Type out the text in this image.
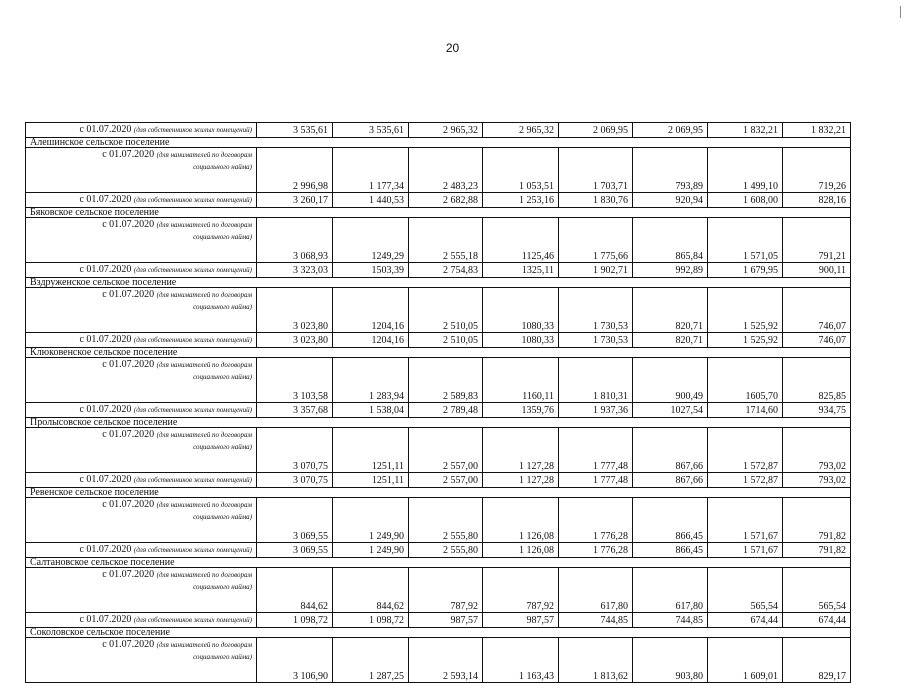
20
с 01.07.2020 (для собственников жилых помещений)	3 535,61	3 535,61	2 965,32	2 965,32	2 069,95	2 069,95	1 832,21	1 832,21
Алешинское сельское поселение								
с 01.07.2020 (для нанимателей по договорам
социального найма)	2 996,98	1 177,34	2 483,23	1 053,51	1 703,71	793,89	1 499,10	719,26
с 01.07.2020 (для собственников жилых помещений)	3 260,17	1 440,53	2 682,88	1 253,16	1 830,76	920,94	1 608,00	828,16
Бяковское сельское поселение								
с 01.07.2020 (для нанимателей по договорам
социального найма)	3 068,93	1249,29	2 555,18	1125,46	1 775,66	865,84	1 571,05	791,21
с 01.07.2020 (для собственников жилых помещений)	3 323,03	1503,39	2 754,83	1325,11	1 902,71	992,89	1 679,95	900,11
Вздруженское сельское поселение								
с 01.07.2020 (для нанимателей по договорам
социального найма)	3 023,80	1204,16	2 510,05	1080,33	1 730,53	820,71	1 525,92	746,07
с 01.07.2020 (для собственников жилых помещений)	3 023,80	1204,16	2 510,05	1080,33	1 730,53	820,71	1 525,92	746,07
Клюковенское сельское поселение								
с 01.07.2020 (для нанимателей по договорам
социального найма)	3 103,58	1 283,94	2 589,83	1160,11	1 810,31	900,49	1605,70	825,85
с 01.07.2020 (для собственников жилых помещений)	3 357,68	1 538,04	2 789,48	1359,76	1 937,36	1027,54	1714,60	934,75
Пролысовское сельское поселение								
с 01.07.2020 (для нанимателей по договорам
социального найма)	3 070,75	1251,11	2 557,00	1 127,28	1 777,48	867,66	1 572,87	793,02
с 01.07.2020 (для собственников жилых помещений)	3 070,75	1251,11	2 557,00	1 127,28	1 777,48	867,66	1 572,87	793,02
Ревенское сельское поселение								
с 01.07.2020 (для нанимателей по договорам
социального найма)	3 069,55	1 249,90	2 555,80	1 126,08	1 776,28	866,45	1 571,67	791,82
с 01.07.2020 (для собственников жилых помещений)	3 069,55	1 249,90	2 555,80	1 126,08	1 776,28	866,45	1 571,67	791,82
Салтановское сельское поселение								
с 01.07.2020 (для нанимателей по договорам
социального найма)	844,62	844,62	787,92	787,92	617,80	617,80	565,54	565,54
с 01.07.2020 (для собственников жилых помещений)	1 098,72	1 098,72	987,57	987,57	744,85	744,85	674,44	674,44
Соколовское сельское поселение								
с 01.07.2020 (для нанимателей по договорам
социального найма)	3 106,90	1 287,25	2 593,14	1 163,43	1 813,62	903,80	1 609,01	829,17
